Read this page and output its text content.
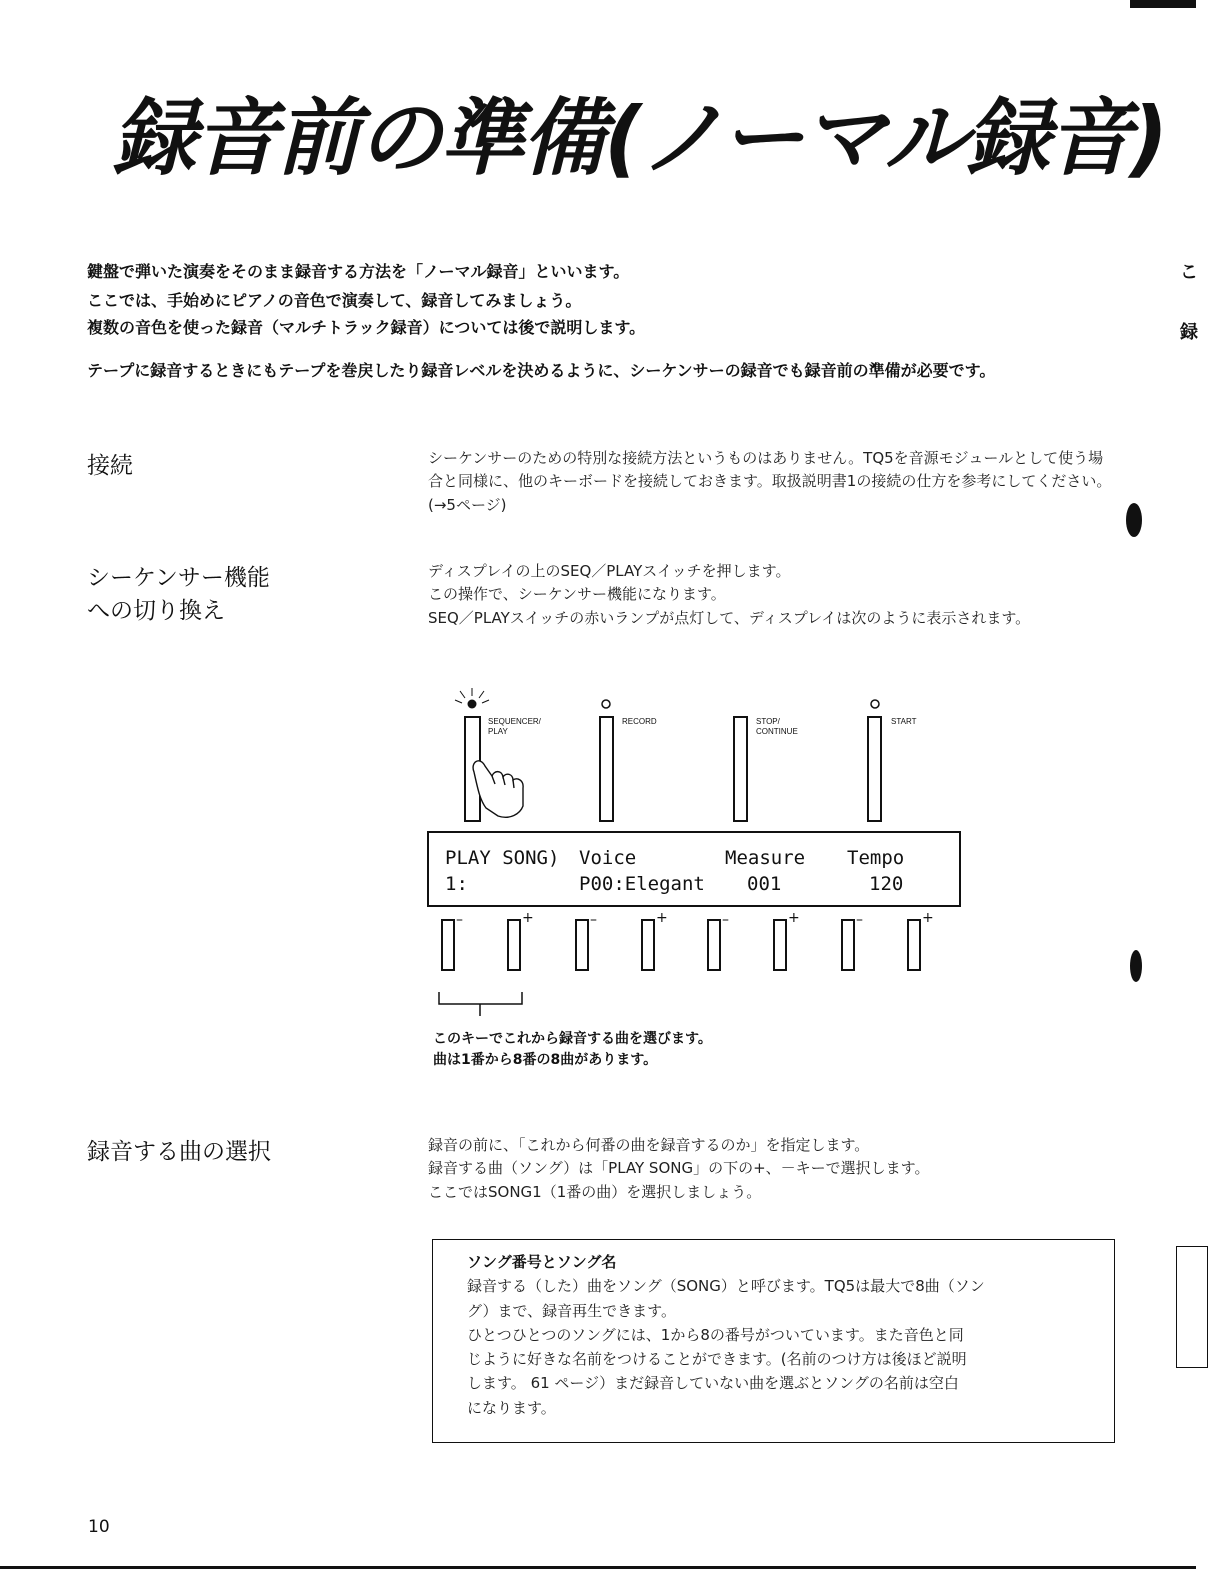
こ
録
録音前の準備(ノーマル録音)
鍵盤で弾いた演奏をそのまま録音する方法を「ノーマル録音」といいます。
ここでは、手始めにピアノの音色で演奏して、録音してみましょう。
複数の音色を使った録音（マルチトラック録音）については後で説明します。
テープに録音するときにもテープを巻戻したり録音レベルを決めるように、シーケンサーの録音でも録音前の準備が必要です。
接続	シーケンサーのための特別な接続方法というものはありません。TQ5を音源モジュールとして使う場合と同様に、他のキーボードを接続しておきます。取扱説明書1の接続の仕方を参考にしてください。(→5ページ)
シーケンサー機能
への切り換え

ディスプレイの上のSEQ／PLAYスイッチを押します。

この操作で、シーケンサー機能になります。

SEQ／PLAYスイッチの赤いランプが点灯して、ディスプレイは次のように表示されます。

SEQUENCER/
PLAY
RECORD	STOP/
CONTINUE
START
PLAY SONG) Voice	Measure Tempo
1:	P00:Elegant 001	120
–	+	–	+	–	+	–	+
このキーでこれから録音する曲を選びます。
曲は1番から8番の8曲があります。
録音する曲の選択	録音の前に、「これから何番の曲を録音するのか」を指定します。

録音する曲（ソング）は「PLAY SONG」の下の+、－キーで選択します。

ここではSONG1（1番の曲）を選択しましょう。

ソング番号とソング名
録音する（した）曲をソング（SONG）と呼びます。TQ5は最大で8曲（ソン
グ）まで、録音再生できます。
ひとつひとつのソングには、1から8の番号がついています。また音色と同
じように好きな名前をつけることができます。(名前のつけ方は後ほど説明
します。 61 ページ）まだ録音していない曲を選ぶとソングの名前は空白
になります。
10
